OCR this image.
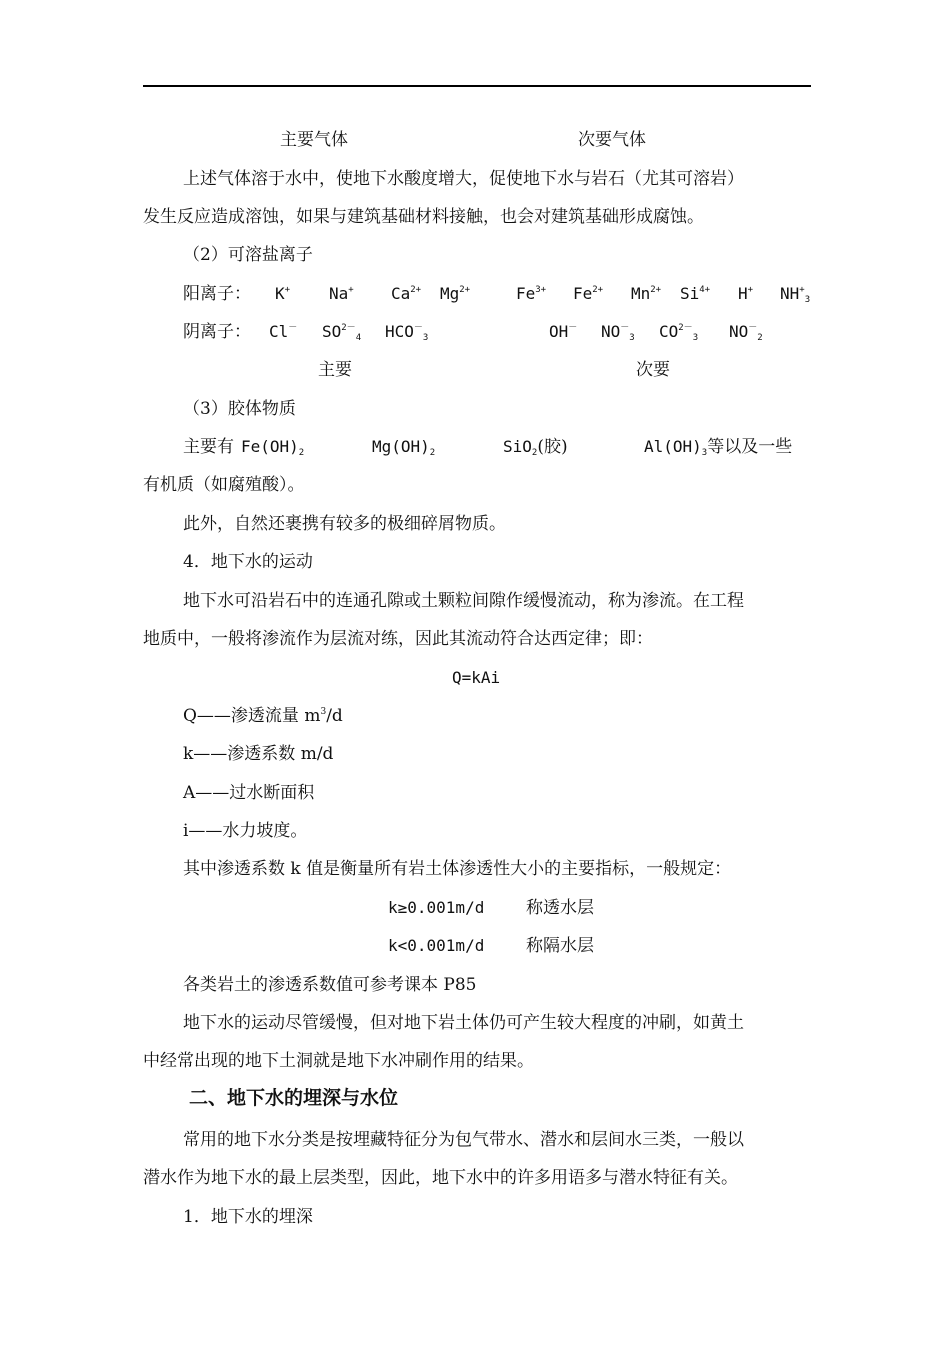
主要气体	次要气体
上述气体溶于水中，使地下水酸度增大，促使地下水与岩石（尤其可溶岩）
发生反应造成溶蚀，如果与建筑基础材料接触，也会对建筑基础形成腐蚀。
（2）可溶盐离子
阳离子： K+ Na+ $Ca^{2+}$ $Mg^{2+}$	$Fe^{3+}$ $Fe^{2+}$ $Mn^{2+}$ $Si^{4+}$ H+ $NH^+_3$
阴离子： Cl－ $SO^{2-}_4$ $HCO^-_3$	OH－ $NO^-_3$ $CO^{2-}_3$ $NO^-_2$
主要	次要
（3）胶体物质
主要有 $Fe(OH)_2$	$Mg(OH)_2$	SiO$_2$(胶)	$Al(OH)_3$等以及一些
有机质（如腐殖酸）。
此外，自然还裹携有较多的极细碎屑物质。
4．地下水的运动
地下水可沿岩石中的连通孔隙或土颗粒间隙作缓慢流动，称为渗流。在工程
地质中，一般将渗流作为层流对练，因此其流动符合达西定律；即：
Q=kAi
Q——渗透流量 $m^3/d$
k——渗透系数 m/d
A——过水断面积
i——水力坡度。
其中渗透系数 k 值是衡量所有岩土体渗透性大小的主要指标，一般规定：
k≥0.001m/d 称透水层
k<0.001m/d 称隔水层
各类岩土的渗透系数值可参考课本 P85
地下水的运动尽管缓慢，但对地下岩土体仍可产生较大程度的冲刷，如黄土
中经常出现的地下土洞就是地下水冲刷作用的结果。
二、地下水的埋深与水位
常用的地下水分类是按埋藏特征分为包气带水、潜水和层间水三类，一般以
潜水作为地下水的最上层类型，因此，地下水中的许多用语多与潜水特征有关。
1．地下水的埋深
